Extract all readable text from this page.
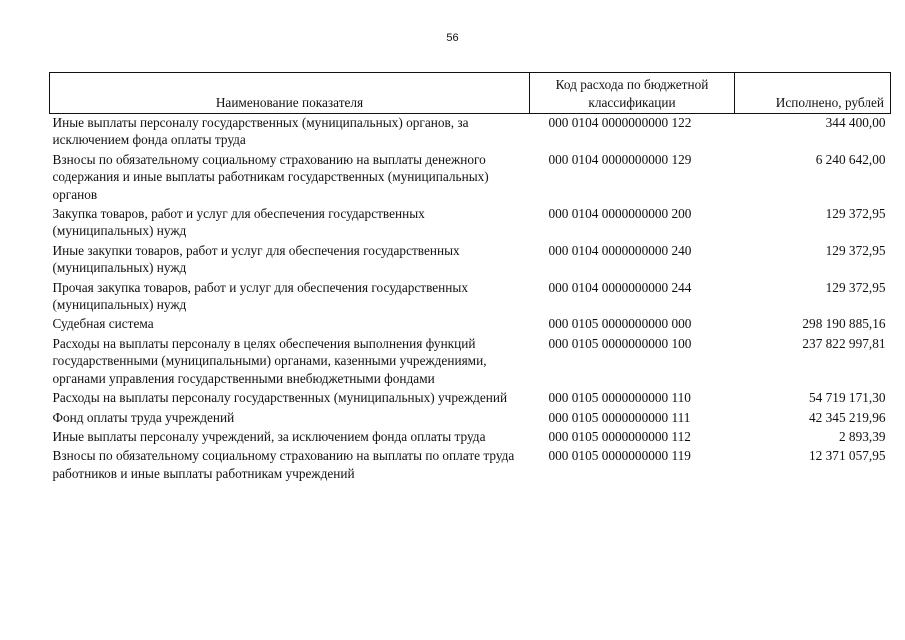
56
Наименование показателя	Код расхода по бюджетной классификации	Исполнено, рублей
Иные выплаты персоналу государственных (муниципальных) органов, за исключением фонда оплаты труда	000 0104 0000000000 122	344 400,00
Взносы по обязательному социальному страхованию на выплаты денежного содержания и иные выплаты работникам государственных (муниципальных) органов	000 0104 0000000000 129	6 240 642,00
Закупка товаров, работ и услуг для обеспечения государственных (муниципальных) нужд	000 0104 0000000000 200	129 372,95
Иные закупки товаров, работ и услуг для обеспечения государственных (муниципальных) нужд	000 0104 0000000000 240	129 372,95
Прочая закупка товаров, работ и услуг для обеспечения государственных (муниципальных) нужд	000 0104 0000000000 244	129 372,95
Судебная система	000 0105 0000000000 000	298 190 885,16
Расходы на выплаты персоналу в целях обеспечения выполнения функций государственными (муниципальными) органами, казенными учреждениями, органами управления государственными внебюджетными фондами	000 0105 0000000000 100	237 822 997,81
Расходы на выплаты персоналу государственных (муниципальных) учреждений	000 0105 0000000000 110	54 719 171,30
Фонд оплаты труда учреждений	000 0105 0000000000 111	42 345 219,96
Иные выплаты персоналу учреждений, за исключением фонда оплаты труда	000 0105 0000000000 112	2 893,39
Взносы по обязательному социальному страхованию на выплаты по оплате труда работников и иные выплаты работникам учреждений	000 0105 0000000000 119	12 371 057,95
